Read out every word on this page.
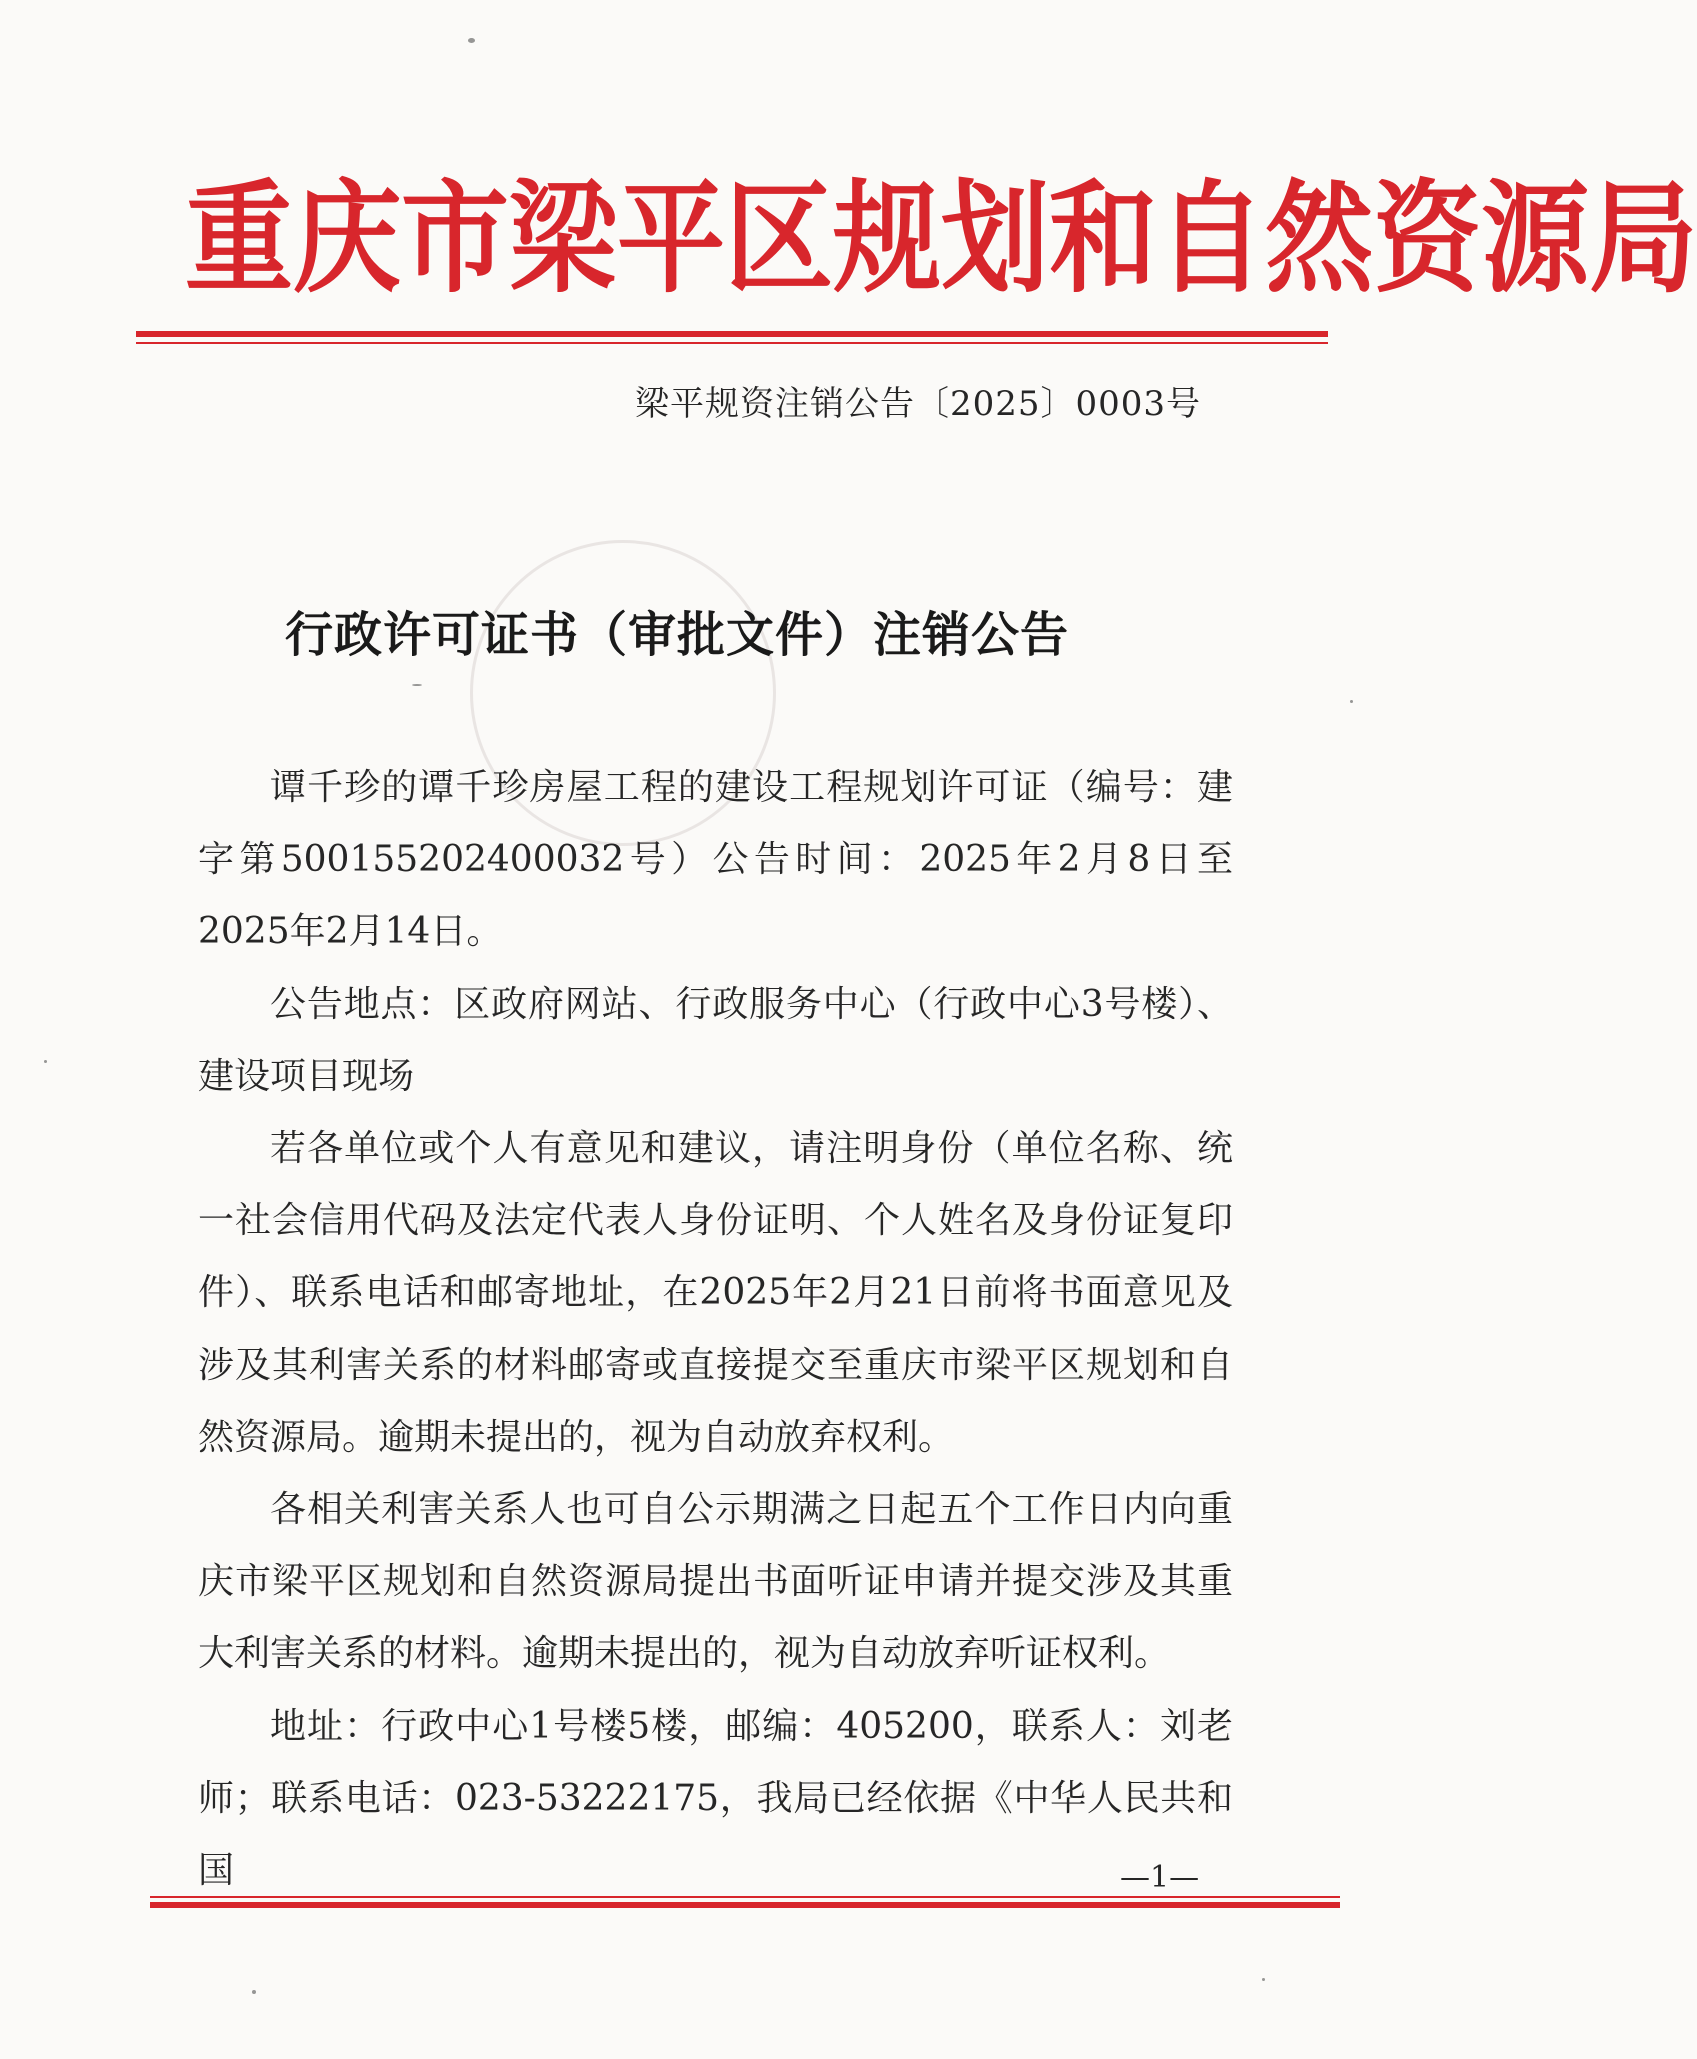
重 庆 市 梁 平 区 规 划 和 自 然 资 源 局
梁平规资注销公告〔2025〕0003号
行政许可证书（审批文件）注销公告

谭千珍的谭千珍房屋工程的建设工程规划许可证（编号：建字第500155202400032号）公告时间：2025年2月8日至2025年2月14日。

公告地点：区政府网站、行政服务中心（行政中心3号楼）、建设项目现场

若各单位或个人有意见和建议，请注明身份（单位名称、统一社会信用代码及法定代表人身份证明、个人姓名及身份证复印件）、联系电话和邮寄地址，在2025年2月21日前将书面意见及涉及其利害关系的材料邮寄或直接提交至重庆市梁平区规划和自然资源局。逾期未提出的，视为自动放弃权利。

各相关利害关系人也可自公示期满之日起五个工作日内向重庆市梁平区规划和自然资源局提出书面听证申请并提交涉及其重大利害关系的材料。逾期未提出的，视为自动放弃听证权利。

地址：行政中心1号楼5楼，邮编：405200，联系人：刘老师；联系电话：023-53222175，我局已经依据《中华人民共和国	—1—
